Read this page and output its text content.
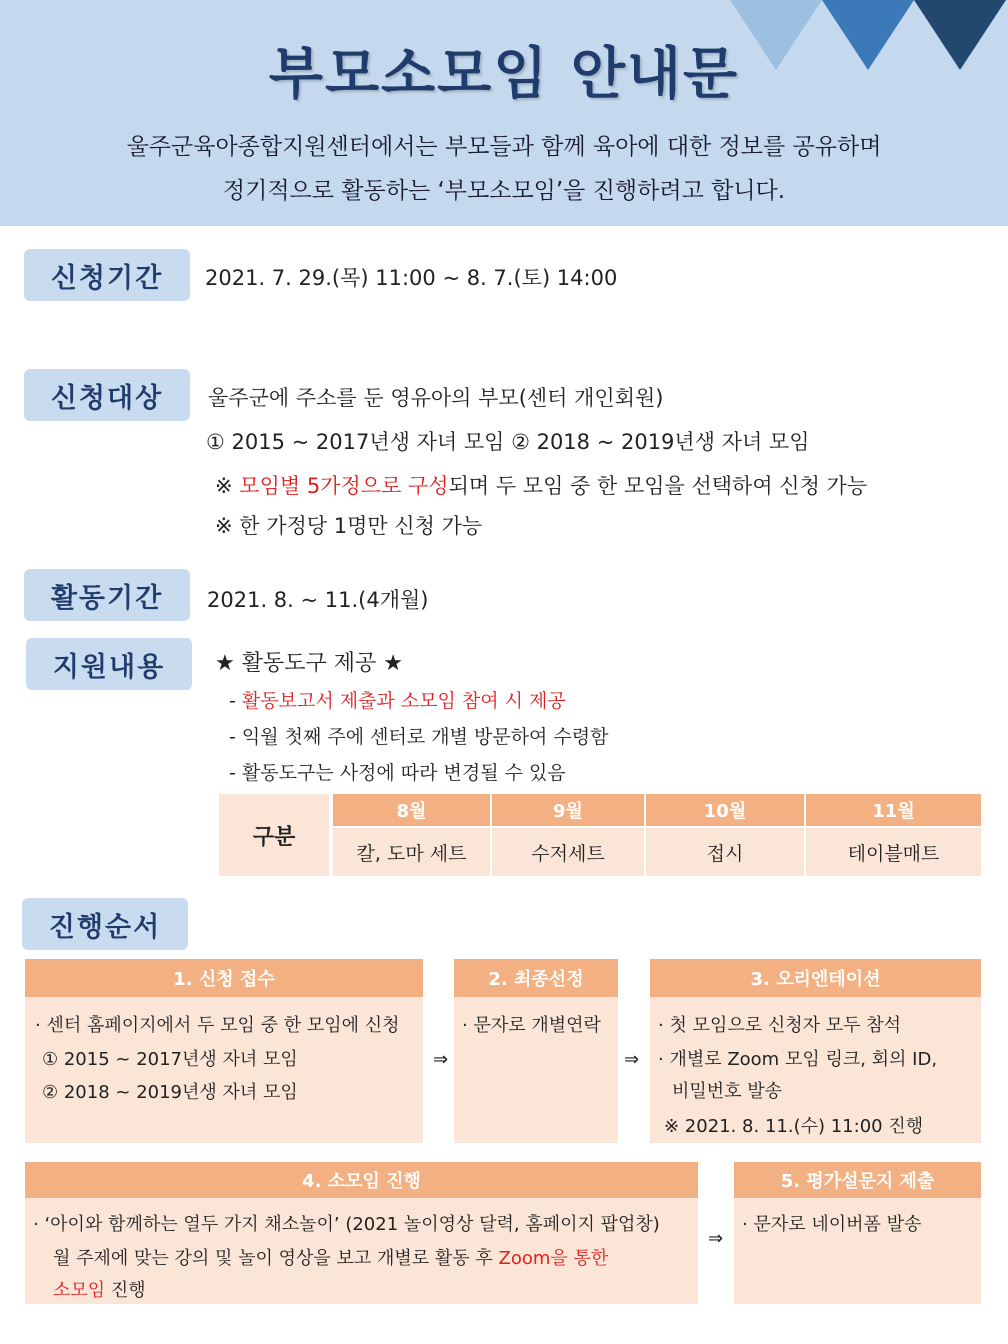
부모소모임 안내문
울주군육아종합지원센터에서는 부모들과 함께 육아에 대한 정보를 공유하며
정기적으로 활동하는 ‘부모소모임’을 진행하려고 합니다.
신청기간	2021. 7. 29.(목) 11:00 ~ 8. 7.(토) 14:00
신청대상	울주군에 주소를 둔 영유아의 부모(센터 개인회원)
① 2015 ~ 2017년생 자녀 모임 ② 2018 ~ 2019년생 자녀 모임
※ 모임별 5가정으로 구성되며 두 모임 중 한 모임을 선택하여 신청 가능
※ 한 가정당 1명만 신청 가능
활동기간	2021. 8. ~ 11.(4개월)
지원내용	★ 활동도구 제공 ★
- 활동보고서 제출과 소모임 참여 시 제공
- 익월 첫째 주에 센터로 개별 방문하여 수령함
- 활동도구는 사정에 따라 변경될 수 있음
구분
8월	9월	10월	11월
칼, 도마 세트	수저세트	접시	테이블매트
진행순서
1. 신청 접수
· 센터 홈페이지에서 두 모임 중 한 모임에 신청
① 2015 ~ 2017년생 자녀 모임
② 2018 ~ 2019년생 자녀 모임
⇒
2. 최종선정
· 문자로 개별연락
⇒
3. 오리엔테이션
· 첫 모임으로 신청자 모두 참석
· 개별로 Zoom 모임 링크, 회의 ID,
비밀번호 발송
※ 2021. 8. 11.(수) 11:00 진행
4. 소모임 진행
· ‘아이와 함께하는 열두 가지 채소놀이’ (2021 놀이영상 달력, 홈페이지 팝업창)
월 주제에 맞는 강의 및 놀이 영상을 보고 개별로 활동 후 Zoom을 통한
소모임 진행
⇒
5. 평가설문지 제출
· 문자로 네이버폼 발송
